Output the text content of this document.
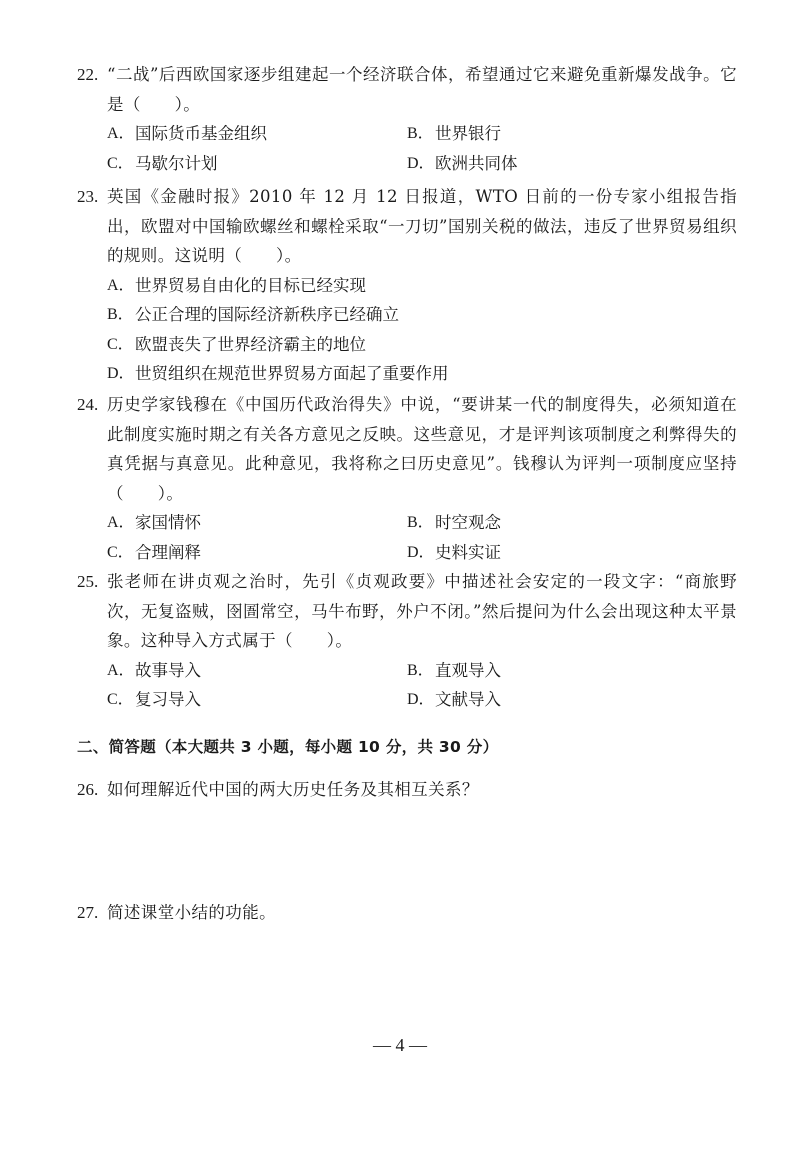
22. “二战”后西欧国家逐步组建起一个经济联合体，希望通过它来避免重新爆发战争。它是（　　）。
A． 国际货币基金组织	B． 世界银行
C． 马歇尔计划	D． 欧洲共同体
23. 英国《金融时报》2010 年 12 月 12 日报道，WTO 日前的一份专家小组报告指出，欧盟对中国输欧螺丝和螺栓采取“一刀切”国别关税的做法，违反了世界贸易组织的规则。这说明（　　）。
A． 世界贸易自由化的目标已经实现
B． 公正合理的国际经济新秩序已经确立
C． 欧盟丧失了世界经济霸主的地位
D． 世贸组织在规范世界贸易方面起了重要作用
24. 历史学家钱穆在《中国历代政治得失》中说，“要讲某一代的制度得失，必须知道在此制度实施时期之有关各方意见之反映。这些意见，才是评判该项制度之利弊得失的真凭据与真意见。此种意见，我将称之曰历史意见”。钱穆认为评判一项制度应坚持（　　）。
A． 家国情怀	B． 时空观念
C． 合理阐释	D． 史料实证
25. 张老师在讲贞观之治时，先引《贞观政要》中描述社会安定的一段文字：“商旅野次，无复盗贼，囹圄常空，马牛布野，外户不闭。”然后提问为什么会出现这种太平景象。这种导入方式属于（　　）。
A． 故事导入	B． 直观导入
C． 复习导入	D． 文献导入
二、简答题（本大题共 3 小题，每小题 10 分，共 30 分）
26. 如何理解近代中国的两大历史任务及其相互关系？
27. 简述课堂小结的功能。
— 4 —
